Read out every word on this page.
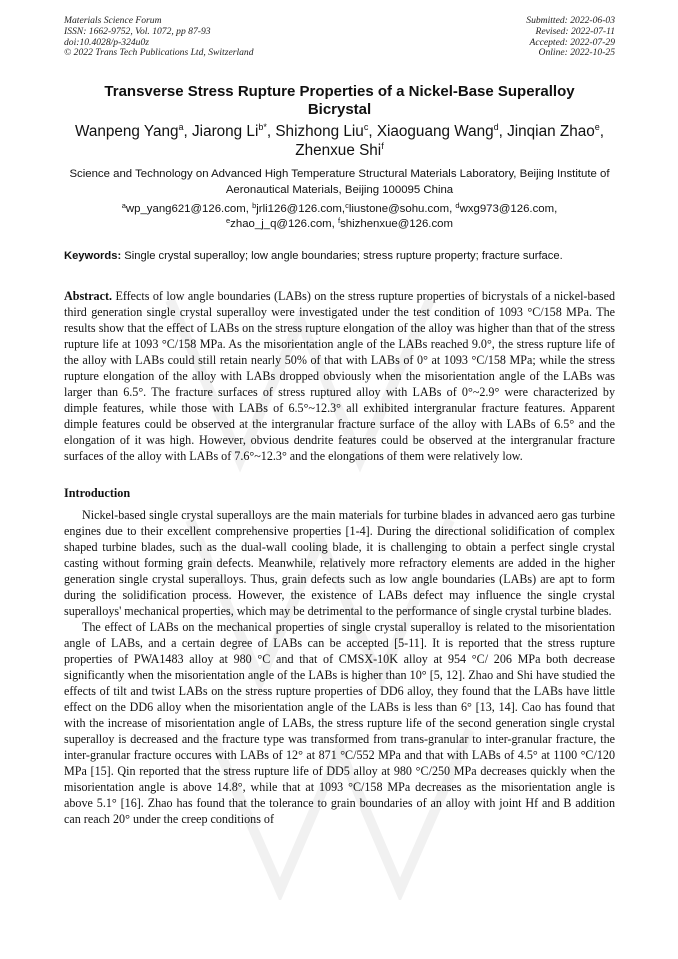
Materials Science Forum
ISSN: 1662-9752, Vol. 1072, pp 87-93
doi:10.4028/p-324u0z
© 2022 Trans Tech Publications Ltd, Switzerland
Submitted: 2022-06-03
Revised: 2022-07-11
Accepted: 2022-07-29
Online: 2022-10-25
Transverse Stress Rupture Properties of a Nickel-Base Superalloy Bicrystal
Wanpeng Yang$^a$, Jiarong $Li^{b*}$, Shizhong Liu$^c$, Xiaoguang Wang$^d$, Jinqian Zhao$^e$,
Zhenxue Shi$^f$
Science and Technology on Advanced High Temperature Structural Materials Laboratory, Beijing Institute of Aeronautical Materials, Beijing 100095 China
$^a$wp_yang621@126.com, $^b$jrli126@126.com,$^c$liustone@sohu.com, $^d$wxg973@126.com,
$^e$zhao_j_q@126.com, $^f$shizhenxue@126.com
Keywords: Single crystal superalloy; low angle boundaries; stress rupture property; fracture surface.
Abstract. Effects of low angle boundaries (LABs) on the stress rupture properties of bicrystals of a nickel-based third generation single crystal superalloy were investigated under the test condition of 1093 °C/158 MPa. The results show that the effect of LABs on the stress rupture elongation of the alloy was higher than that of the stress rupture life at 1093 °C/158 MPa. As the misorientation angle of the LABs reached 9.0°, the stress rupture life of the alloy with LABs could still retain nearly 50% of that with LABs of 0° at 1093 °C/158 MPa; while the stress rupture elongation of the alloy with LABs dropped obviously when the misorientation angle of the LABs was larger than 6.5°. The fracture surfaces of stress ruptured alloy with LABs of 0°~2.9° were characterized by dimple features, while those with LABs of 6.5°~12.3° all exhibited intergranular fracture features. Apparent dimple features could be observed at the intergranular fracture surface of the alloy with LABs of 6.5° and the elongation of it was high. However, obvious dendrite features could be observed at the intergranular fracture surfaces of the alloy with LABs of 7.6°~12.3° and the elongations of them were relatively low.
Introduction
Nickel-based single crystal superalloys are the main materials for turbine blades in advanced aero gas turbine engines due to their excellent comprehensive properties [1-4]. During the directional solidification of complex shaped turbine blades, such as the dual-wall cooling blade, it is challenging to obtain a perfect single crystal casting without forming grain defects. Meanwhile, relatively more refractory elements are added in the higher generation single crystal superalloys. Thus, grain defects such as low angle boundaries (LABs) are apt to form during the solidification process. However, the existence of LABs defect may influence the single crystal superalloys' mechanical properties, which may be detrimental to the performance of single crystal turbine blades.
The effect of LABs on the mechanical properties of single crystal superalloy is related to the misorientation angle of LABs, and a certain degree of LABs can be accepted [5-11]. It is reported that the stress rupture properties of PWA1483 alloy at 980 °C and that of CMSX-10K alloy at 954 °C/ 206 MPa both decrease significantly when the misorientation angle of the LABs is higher than 10° [5, 12]. Zhao and Shi have studied the effects of tilt and twist LABs on the stress rupture properties of DD6 alloy, they found that the LABs have little effect on the DD6 alloy when the misorientation angle of the LABs is less than 6° [13, 14]. Cao has found that with the increase of misorientation angle of LABs, the stress rupture life of the second generation single crystal superalloy is decreased and the fracture type was transformed from trans-granular to inter-granular fracture, the inter-granular fracture occures with LABs of 12° at 871 °C/552 MPa and that with LABs of 4.5° at 1100 °C/120 MPa [15]. Qin reported that the stress rupture life of DD5 alloy at 980 °C/250 MPa decreases quickly when the misorientation angle is above 14.8°, while that at 1093 °C/158 MPa decreases as the misorientation angle is above 5.1° [16]. Zhao has found that the tolerance to grain boundaries of an alloy with joint Hf and B addition can reach 20° under the creep conditions of
